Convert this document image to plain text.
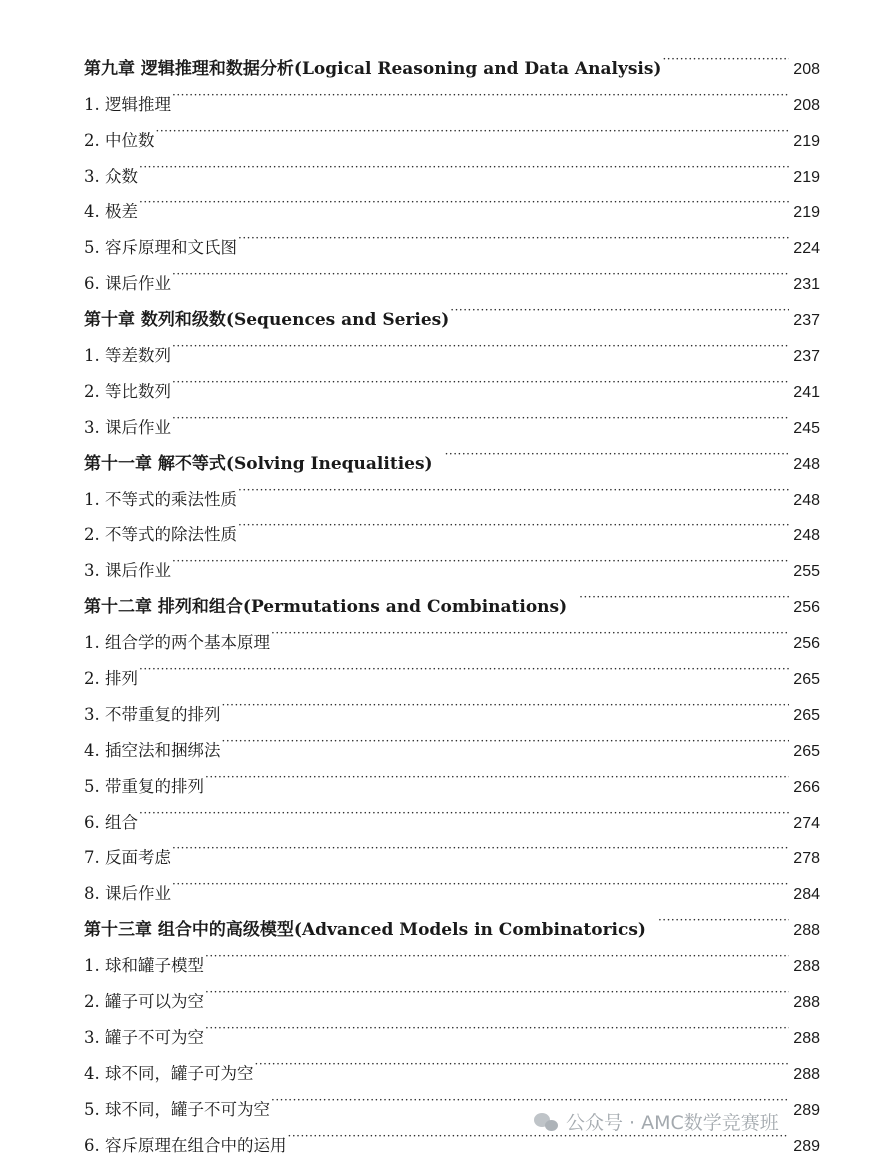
第九章 逻辑推理和数据分析(Logical Reasoning and Data Analysis) ·····	208
1. 逻辑推理 ·····	208
2. 中位数 ·····	219
3. 众数 ·····	219
4. 极差 ·····	219
5. 容斥原理和文氏图 ·····	224
6. 课后作业 ·····	231
第十章 数列和级数(Sequences and Series) ·····	237
1. 等差数列 ·····	237
2. 等比数列 ·····	241
3. 课后作业 ·····	245
第十一章 解不等式(Solving Inequalities) ·····	248
1. 不等式的乘法性质 ·····	248
2. 不等式的除法性质 ·····	248
3. 课后作业 ·····	255
第十二章 排列和组合(Permutations and Combinations) ·····	256
1. 组合学的两个基本原理 ·····	256
2. 排列 ·····	265
3. 不带重复的排列 ·····	265
4. 插空法和捆绑法 ·····	265
5. 带重复的排列 ·····	266
6. 组合 ·····	274
7. 反面考虑 ·····	278
8. 课后作业 ·····	284
第十三章 组合中的高级模型(Advanced Models in Combinatorics) ·····	288
1. 球和罐子模型 ·····	288
2. 罐子可以为空 ·····	288
3. 罐子不可为空 ·····	288
4. 球不同，罐子可为空 ·····	288
5. 球不同，罐子不可为空 ·····	289
6. 容斥原理在组合中的运用 ·····	289
公众号 · AMC数学竞赛班
